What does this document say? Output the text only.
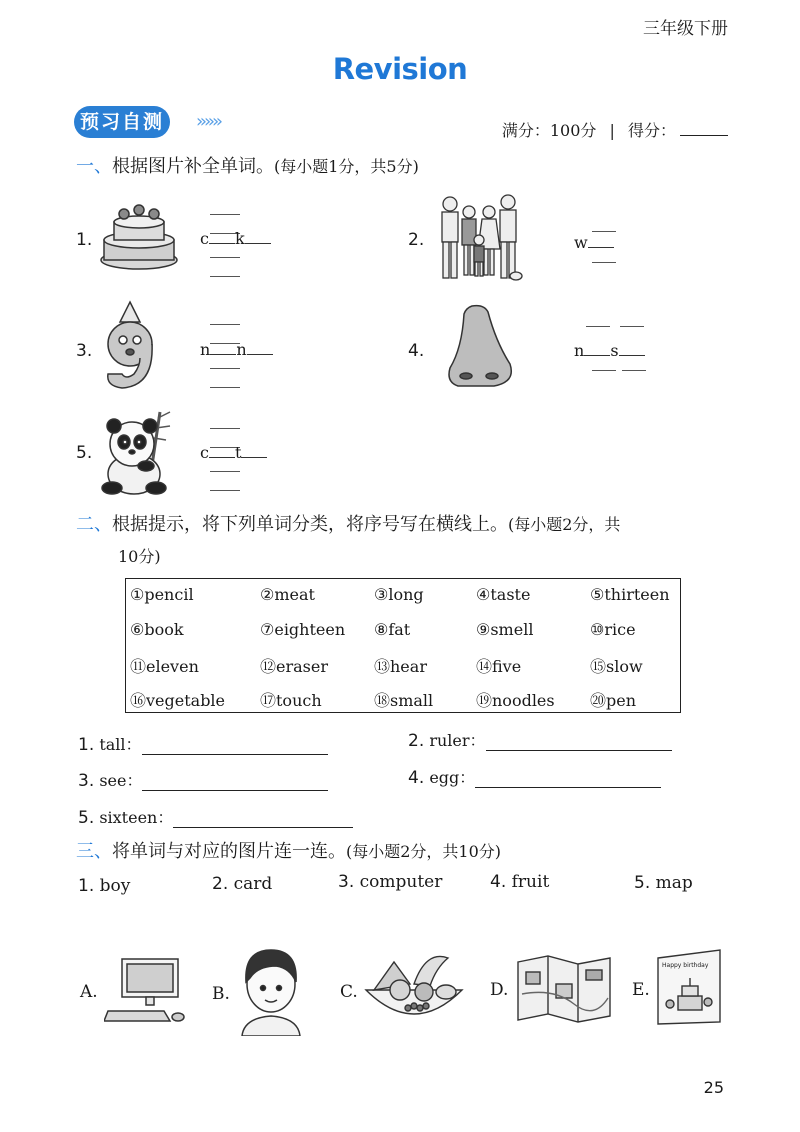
三年级下册
Revision
预习自测	»»»	满分：100分 | 得分：
一、根据图片补全单词。(每小题1分，共5分)
1.	c k	2.	w
3.	n n	4.	n s
5.	c t
二、根据提示，将下列单词分类，将序号写在横线上。(每小题2分，共
10分)
①pencil	②meat	③long	④taste	⑤thirteen
⑥book	⑦eighteen ⑧fat	⑨smell	⑩rice
⑪eleven	⑫eraser	⑬hear	⑭five	⑮slow
⑯vegetable ⑰touch	⑱small	⑲noodles ⑳pen
1. tall：	2. ruler：
3. see：	4. egg：
5. sixteen：
三、将单词与对应的图片连一连。(每小题2分，共10分)
1. boy	2. card	3. computer	4. fruit	5. map
A.	B.	C.	D.	E.
Happy birthday
25
